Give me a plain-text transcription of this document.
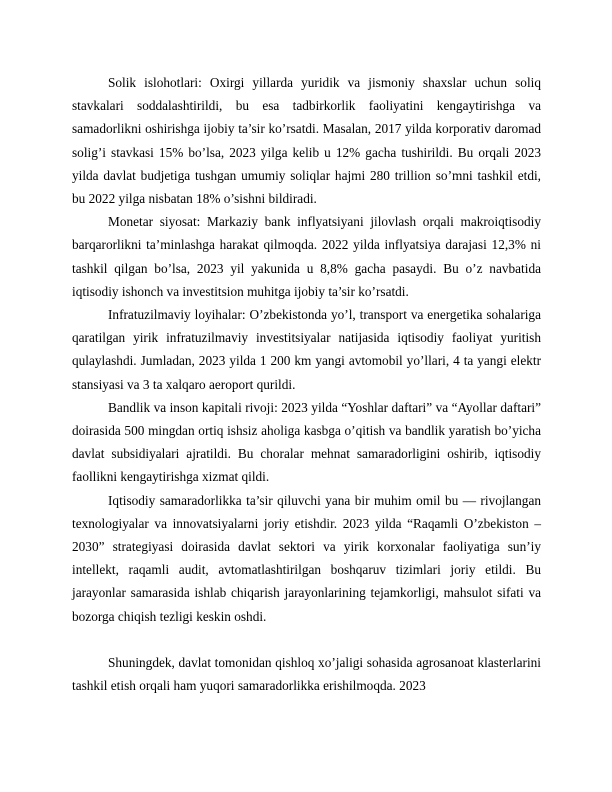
Solik islohotlari: Oxirgi yillarda yuridik va jismoniy shaxslar uchun soliq stavkalari soddalashtirildi, bu esa tadbirkorlik faoliyatini kengaytirishga va samadorlikni oshirishga ijobiy ta’sir ko’rsatdi. Masalan, 2017 yilda korporativ daromad solig’i stavkasi 15% bo’lsa, 2023 yilga kelib u 12% gacha tushirildi. Bu orqali 2023 yilda davlat budjetiga tushgan umumiy soliqlar hajmi 280 trillion so’mni tashkil etdi, bu 2022 yilga nisbatan 18% o’sishni bildiradi.

Monetar siyosat: Markaziy bank inflyatsiyani jilovlash orqali makroiqtisodiy barqarorlikni ta’minlashga harakat qilmoqda. 2022 yilda inflyatsiya darajasi 12,3% ni tashkil qilgan bo’lsa, 2023 yil yakunida u 8,8% gacha pasaydi. Bu o’z navbatida iqtisodiy ishonch va investitsion muhitga ijobiy ta’sir ko’rsatdi.

Infratuzilmaviy loyihalar: O’zbekistonda yo’l, transport va energetika sohalariga qaratilgan yirik infratuzilmaviy investitsiyalar natijasida iqtisodiy faoliyat yuritish qulaylashdi. Jumladan, 2023 yilda 1 200 km yangi avtomobil yo’llari, 4 ta yangi elektr stansiyasi va 3 ta xalqaro aeroport qurildi.

Bandlik va inson kapitali rivoji: 2023 yilda “Yoshlar daftari” va “Ayollar daftari” doirasida 500 mingdan ortiq ishsiz aholiga kasbga o’qitish va bandlik yaratish bo’yicha davlat subsidiyalari ajratildi. Bu choralar mehnat samaradorligini oshirib, iqtisodiy faollikni kengaytirishga xizmat qildi.

Iqtisodiy samaradorlikka ta’sir qiluvchi yana bir muhim omil bu — rivojlangan texnologiyalar va innovatsiyalarni joriy etishdir. 2023 yilda “Raqamli O’zbekiston – 2030” strategiyasi doirasida davlat sektori va yirik korxonalar faoliyatiga sun’iy intellekt, raqamli audit, avtomatlashtirilgan boshqaruv tizimlari joriy etildi. Bu jarayonlar samarasida ishlab chiqarish jarayonlarining tejamkorligi, mahsulot sifati va bozorga chiqish tezligi keskin oshdi.

Shuningdek, davlat tomonidan qishloq xo’jaligi sohasida agrosanoat klasterlarini tashkil etish orqali ham yuqori samaradorlikka erishilmoqda. 2023
